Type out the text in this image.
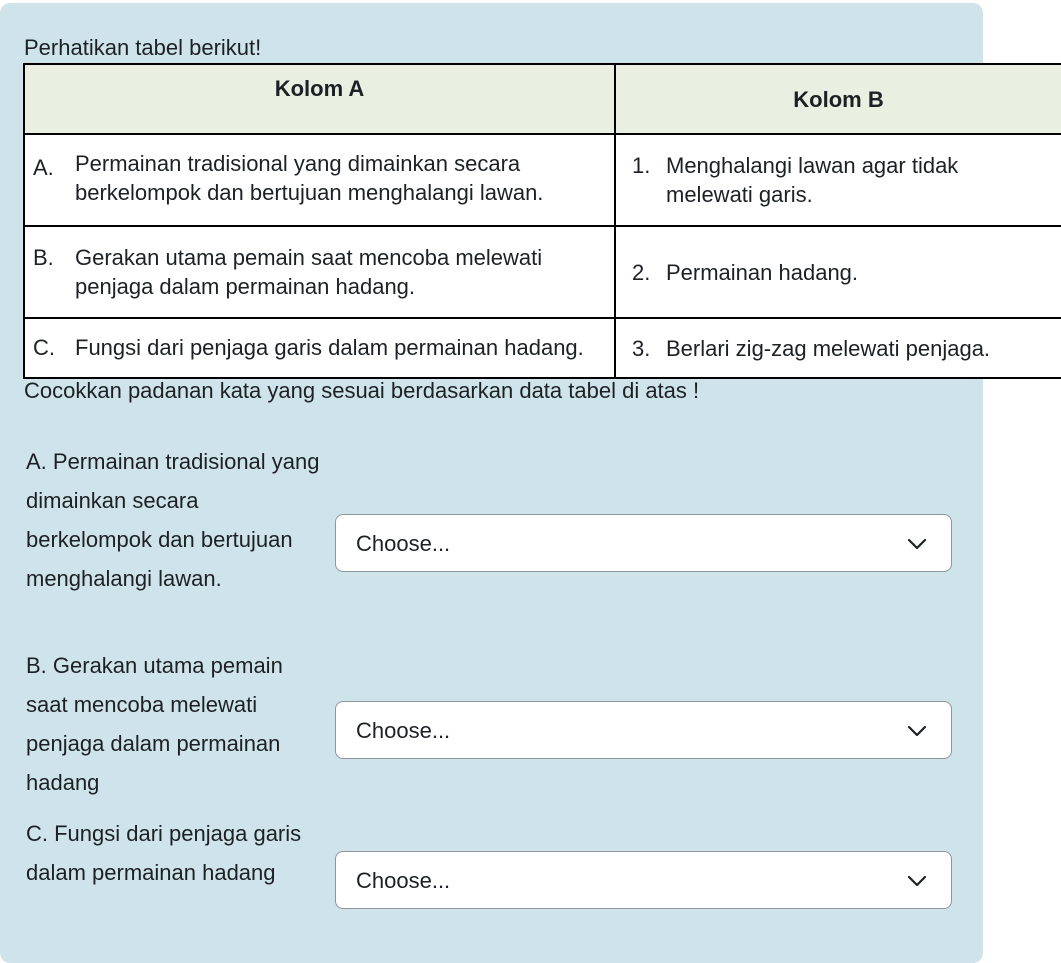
Perhatikan tabel berikut!
Kolom A	Kolom B

A. Permainan tradisional yang dimainkan secara berkelompok dan bertujuan menghalangi lawan.	1. Menghalangi lawan agar tidak melewati garis.

B. Gerakan utama pemain saat mencoba melewati penjaga dalam permainan hadang.	2. Permainan hadang.

C. Fungsi dari penjaga garis dalam permainan hadang.	3. Berlari zig-zag melewati penjaga.
Cocokkan padanan kata yang sesuai berdasarkan data tabel di atas !
A. Permainan tradisional yang dimainkan secara berkelompok dan bertujuan menghalangi lawan.
Choose...
B. Gerakan utama pemain saat mencoba melewati penjaga dalam permainan hadang
Choose...
C. Fungsi dari penjaga garis dalam permainan hadang	Choose...
